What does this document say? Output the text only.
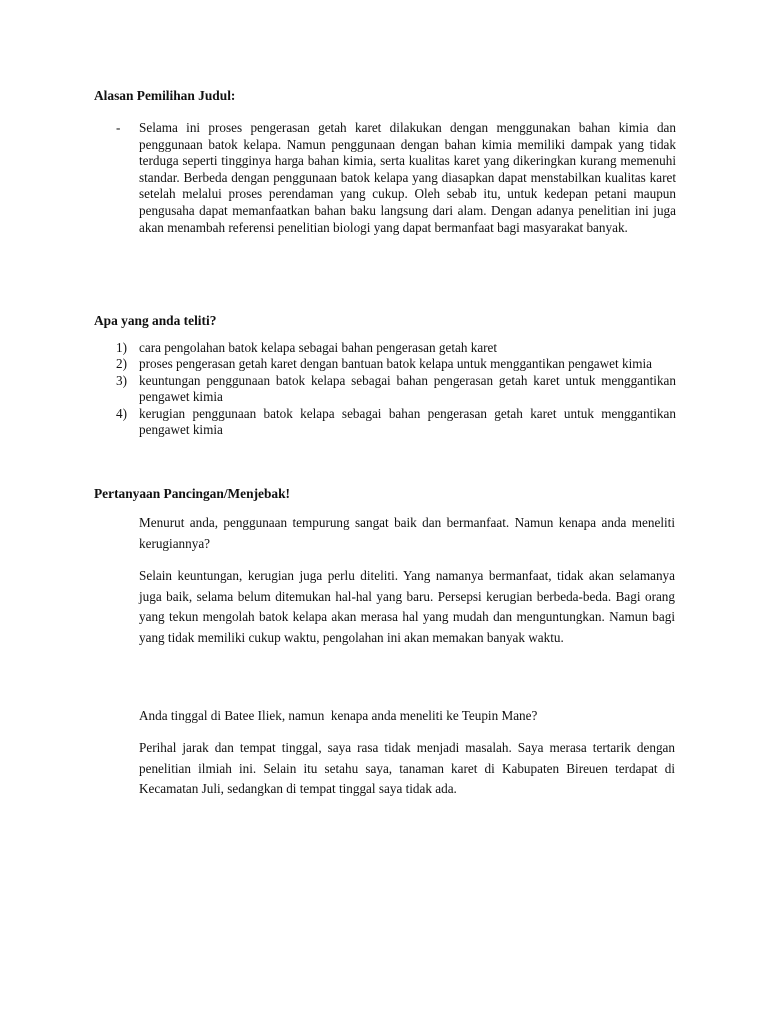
Alasan Pemilihan Judul:
- Selama ini proses pengerasan getah karet dilakukan dengan menggunakan bahan kimia dan penggunaan batok kelapa. Namun penggunaan dengan bahan kimia memiliki dampak yang tidak terduga seperti tingginya harga bahan kimia, serta kualitas karet yang dikeringkan kurang memenuhi standar. Berbeda dengan penggunaan batok kelapa yang diasapkan dapat menstabilkan kualitas karet setelah melalui proses perendaman yang cukup. Oleh sebab itu, untuk kedepan petani maupun pengusaha dapat memanfaatkan bahan baku langsung dari alam. Dengan adanya penelitian ini juga akan menambah referensi penelitian biologi yang dapat bermanfaat bagi masyarakat banyak.
Apa yang anda teliti?
1) cara pengolahan batok kelapa sebagai bahan pengerasan getah karet
2) proses pengerasan getah karet dengan bantuan batok kelapa untuk menggantikan pengawet kimia
3) keuntungan penggunaan batok kelapa sebagai bahan pengerasan getah karet untuk menggantikan pengawet kimia
4) kerugian penggunaan batok kelapa sebagai bahan pengerasan getah karet untuk menggantikan pengawet kimia
Pertanyaan Pancingan/Menjebak!
Menurut anda, penggunaan tempurung sangat baik dan bermanfaat. Namun kenapa anda meneliti kerugiannya?
Selain keuntungan, kerugian juga perlu diteliti. Yang namanya bermanfaat, tidak akan selamanya juga baik, selama belum ditemukan hal-hal yang baru. Persepsi kerugian berbeda-beda. Bagi orang yang tekun mengolah batok kelapa akan merasa hal yang mudah dan menguntungkan. Namun bagi yang tidak memiliki cukup waktu, pengolahan ini akan memakan banyak waktu.
Anda tinggal di Batee Iliek, namun  kenapa anda meneliti ke Teupin Mane?
Perihal jarak dan tempat tinggal, saya rasa tidak menjadi masalah. Saya merasa tertarik dengan penelitian ilmiah ini. Selain itu setahu saya, tanaman karet di Kabupaten Bireuen terdapat di Kecamatan Juli, sedangkan di tempat tinggal saya tidak ada.
